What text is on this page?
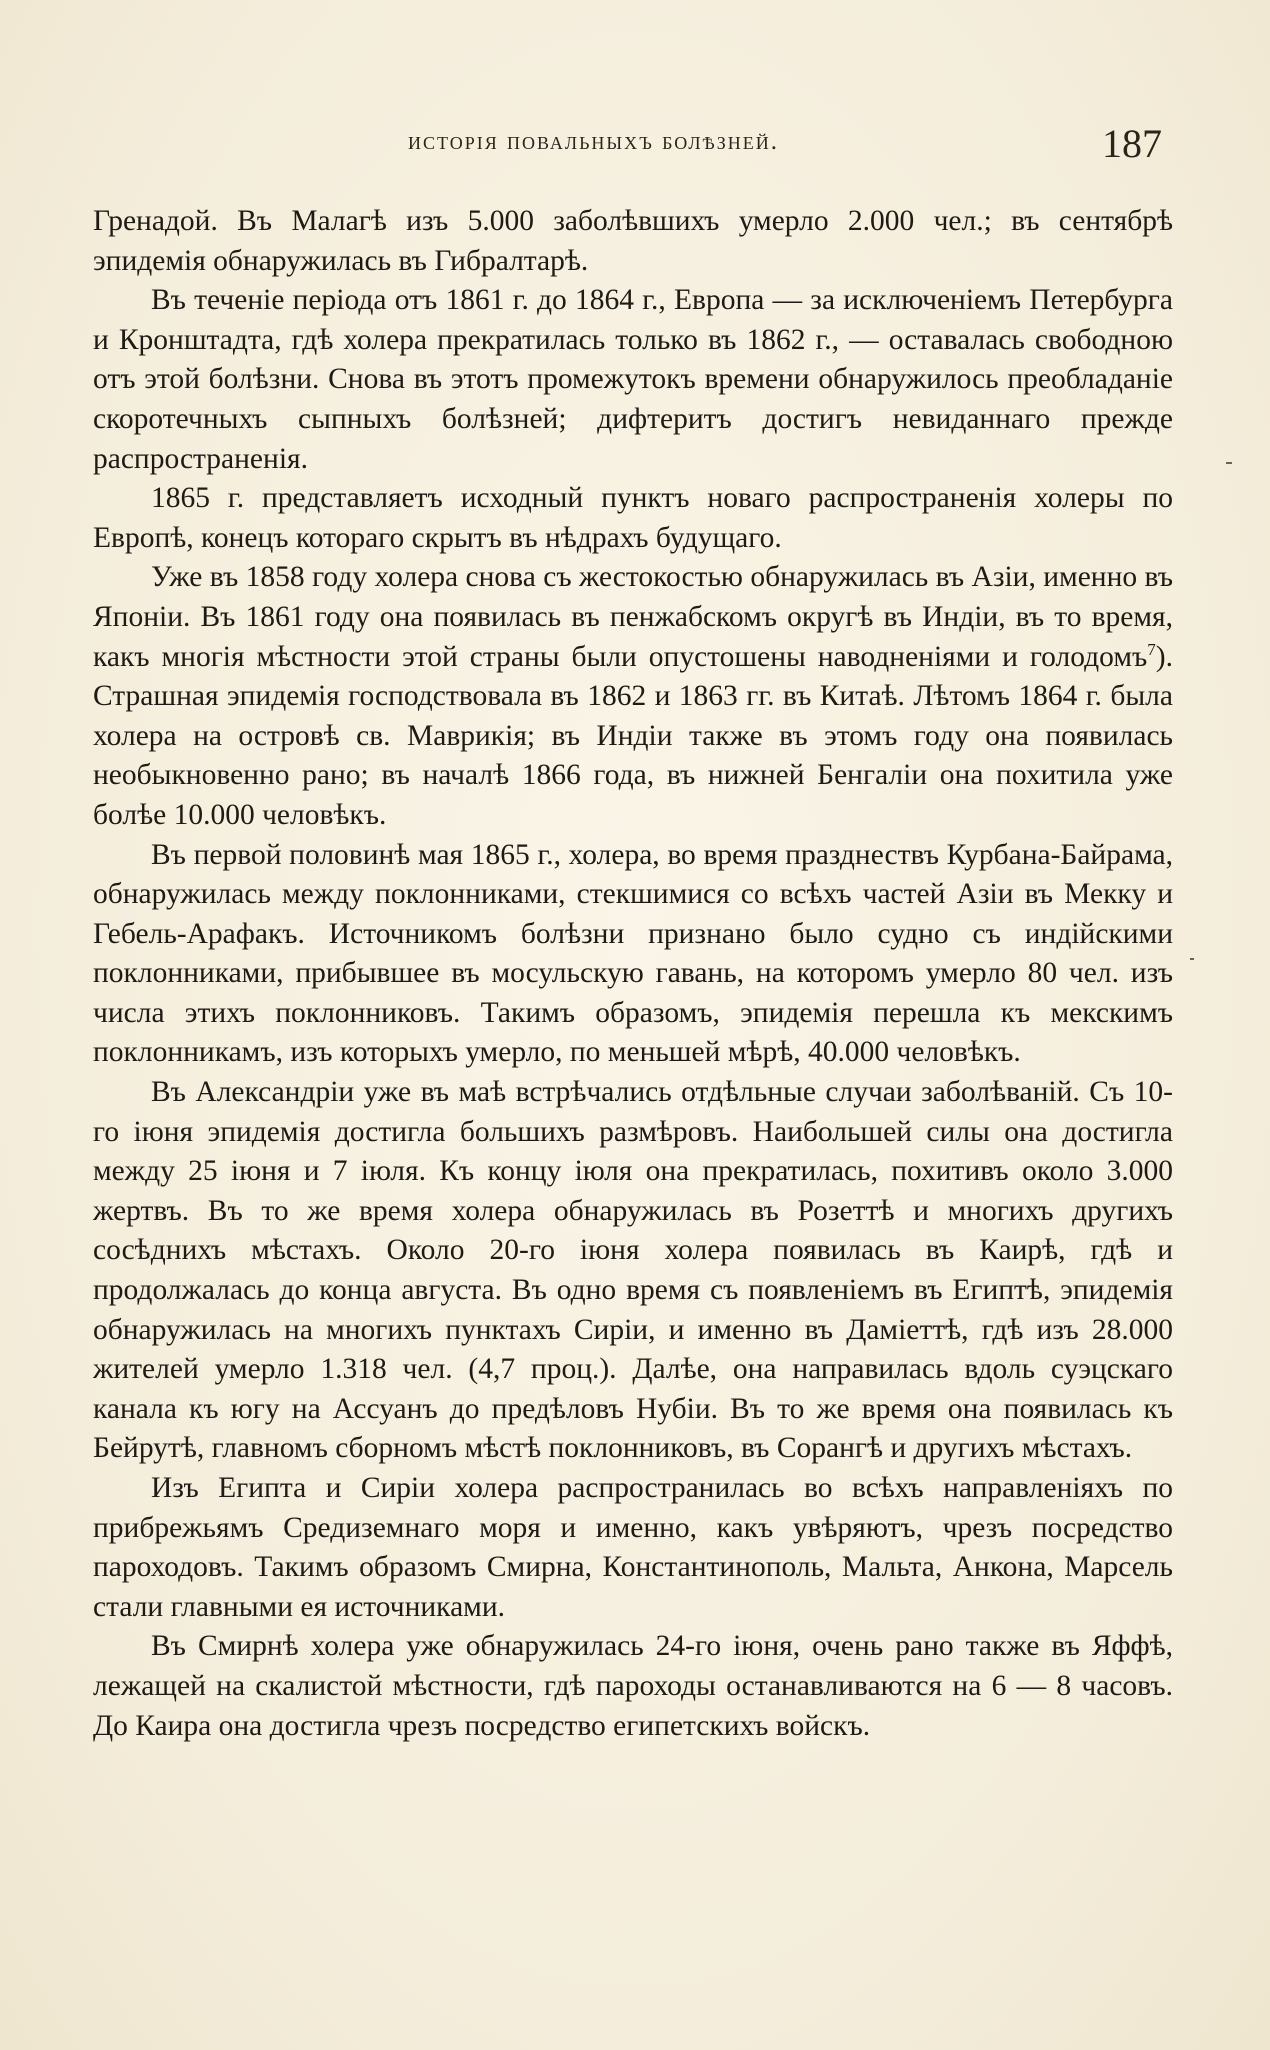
исторія повальныхъ болѣзней.	187

Гренадой. Въ Малагѣ изъ 5.000 заболѣвшихъ умерло 2.000 чел.; въ сентябрѣ эпидемія обнаружилась въ Гибралтарѣ.

Въ теченіе періода отъ 1861 г. до 1864 г., Европа — за исключеніемъ Петербурга и Кронштадта, гдѣ холера прекратилась только въ 1862 г., — оставалась свободною отъ этой болѣзни. Снова въ этотъ промежутокъ времени обнаружилось преобладаніе скоротечныхъ сыпныхъ болѣзней; дифтеритъ достигъ невиданнаго прежде распространенія.

1865 г. представляетъ исходный пунктъ новаго распространенія холеры по Европѣ, конецъ котораго скрытъ въ нѣдрахъ будущаго.

Уже въ 1858 году холера снова съ жестокостью обнаружилась въ Азіи, именно въ Японіи. Въ 1861 году она появилась въ пенжабскомъ округѣ въ Индіи, въ то время, какъ многія мѣстности этой страны были опустошены наводненіями и голодомъ$^7$). Страшная эпидемія господствовала въ 1862 и 1863 гг. въ Китаѣ. Лѣтомъ 1864 г. была холера на островѣ св. Маврикія; въ Индіи также въ этомъ году она появилась необыкновенно рано; въ началѣ 1866 года, въ нижней Бенгаліи она похитила уже болѣе 10.000 человѣкъ.

Въ первой половинѣ мая 1865 г., холера, во время празднествъ Курбана-Байрама, обнаружилась между поклонниками, стекшимися со всѣхъ частей Азіи въ Мекку и Гебель-Арафакъ. Источникомъ болѣзни признано было судно съ индійскими поклонниками, прибывшее въ мосульскую гавань, на которомъ умерло 80 чел. изъ числа этихъ поклонниковъ. Такимъ образомъ, эпидемія перешла къ мекскимъ поклонникамъ, изъ которыхъ умерло, по меньшей мѣрѣ, 40.000 человѣкъ.

Въ Александріи уже въ маѣ встрѣчались отдѣльные случаи заболѣваній. Съ 10-го іюня эпидемія достигла большихъ размѣровъ. Наибольшей силы она достигла между 25 іюня и 7 іюля. Къ концу іюля она прекратилась, похитивъ около 3.000 жертвъ. Въ то же время холера обнаружилась въ Розеттѣ и многихъ другихъ сосѣднихъ мѣстахъ. Около 20-го іюня холера появилась въ Каирѣ, гдѣ и продолжалась до конца августа. Въ одно время съ появленіемъ въ Египтѣ, эпидемія обнаружилась на многихъ пунктахъ Сиріи, и именно въ Даміеттѣ, гдѣ изъ 28.000 жителей умерло 1.318 чел. (4,7 проц.). Далѣе, она направилась вдоль суэцскаго канала къ югу на Ассуанъ до предѣловъ Нубіи. Въ то же время она появилась къ Бейрутѣ, главномъ сборномъ мѣстѣ поклонниковъ, въ Сорангѣ и другихъ мѣстахъ.

Изъ Египта и Сиріи холера распространилась во всѣхъ направленіяхъ по прибрежьямъ Средиземнаго моря и именно, какъ увѣряютъ, чрезъ посредство пароходовъ. Такимъ образомъ Смирна, Константинополь, Мальта, Анкона, Марсель стали главными ея источниками.

Въ Смирнѣ холера уже обнаружилась 24-го іюня, очень рано также въ Яффѣ, лежащей на скалистой мѣстности, гдѣ пароходы останавливаются на 6 — 8 часовъ. До Каира она достигла чрезъ посредство египетскихъ войскъ.
